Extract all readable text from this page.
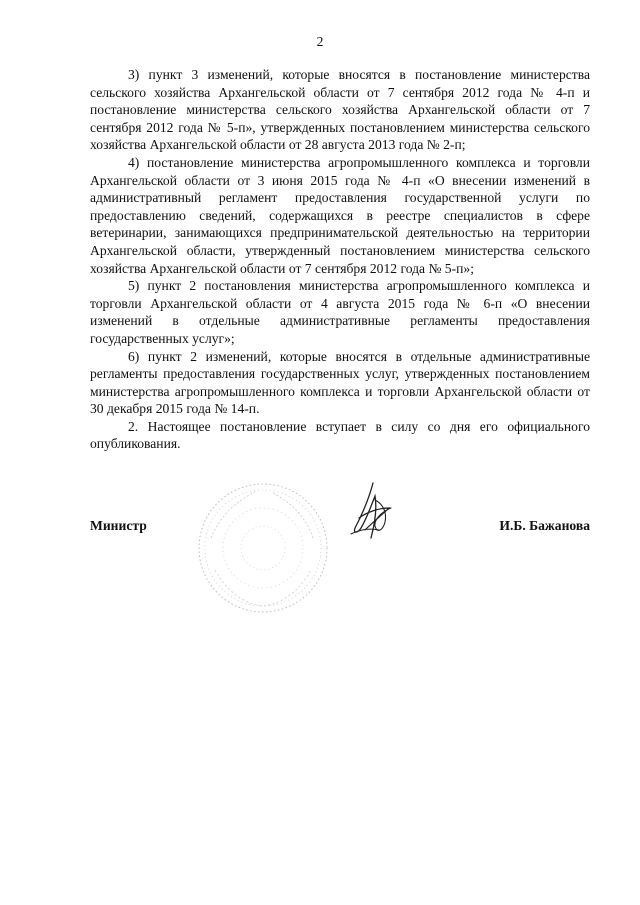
2

3) пункт 3 изменений, которые вносятся в постановление министерства сельского хозяйства Архангельской области от 7 сентября 2012 года № 4-п и постановление министерства сельского хозяйства Архангельской области от 7 сентября 2012 года № 5-п», утвержденных постановлением министерства сельского хозяйства Архангельской области от 28 августа 2013 года № 2-п;

4) постановление министерства агропромышленного комплекса и торговли Архангельской области от 3 июня 2015 года № 4-п «О внесении изменений в административный регламент предоставления государственной услуги по предоставлению сведений, содержащихся в реестре специалистов в сфере ветеринарии, занимающихся предпринимательской деятельностью на территории Архангельской области, утвержденный постановлением министерства сельского хозяйства Архангельской области от 7 сентября 2012 года № 5-п»;

5) пункт 2 постановления министерства агропромышленного комплекса и торговли Архангельской области от 4 августа 2015 года № 6-п «О внесении изменений в отдельные административные регламенты предоставления государственных услуг»;

6) пункт 2 изменений, которые вносятся в отдельные административные регламенты предоставления государственных услуг, утвержденных постановлением министерства агропромышленного комплекса и торговли Архангельской области от 30 декабря 2015 года № 14-п.

2. Настоящее постановление вступает в силу со дня его официального опубликования.

Министр	И.Б. Бажанова
